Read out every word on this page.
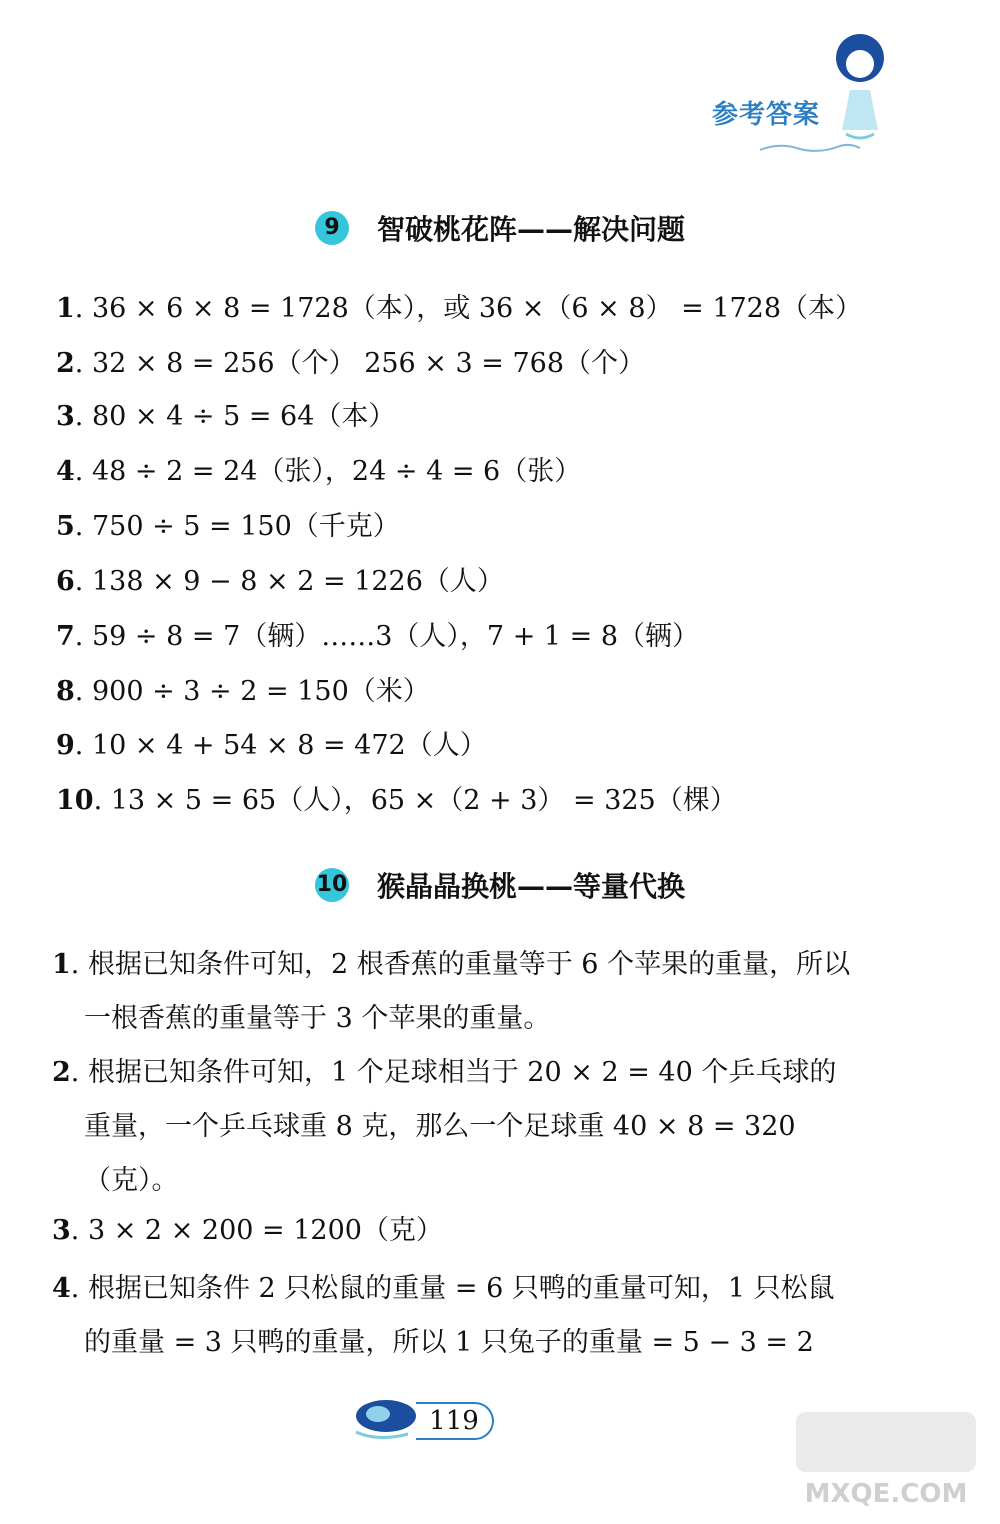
参考答案
9 智破桃花阵——解决问题
1. 36 × 6 × 8 = 1728（本），或 36 ×（6 × 8） = 1728（本）
2. 32 × 8 = 256（个） 256 × 3 = 768（个）
3. 80 × 4 ÷ 5 = 64（本）
4. 48 ÷ 2 = 24（张），24 ÷ 4 = 6（张）
5. 750 ÷ 5 = 150（千克）
6. 138 × 9 − 8 × 2 = 1226（人）
7. 59 ÷ 8 = 7（辆）……3（人），7 + 1 = 8（辆）
8. 900 ÷ 3 ÷ 2 = 150（米）
9. 10 × 4 + 54 × 8 = 472（人）
10. 13 × 5 = 65（人），65 ×（2 + 3） = 325（棵）
10 猴晶晶换桃——等量代换
1. 根据已知条件可知，2 根香蕉的重量等于 6 个苹果的重量，所以一根香蕉的重量等于 3 个苹果的重量。
2. 根据已知条件可知，1 个足球相当于 20 × 2 = 40 个乒乓球的重量，一个乒乓球重 8 克，那么一个足球重 40 × 8 = 320（克）。
3. 3 × 2 × 200 = 1200（克）
4. 根据已知条件 2 只松鼠的重量 = 6 只鸭的重量可知，1 只松鼠的重量 = 3 只鸭的重量，所以 1 只兔子的重量 = 5 − 3 = 2
119
MXQE.COM
